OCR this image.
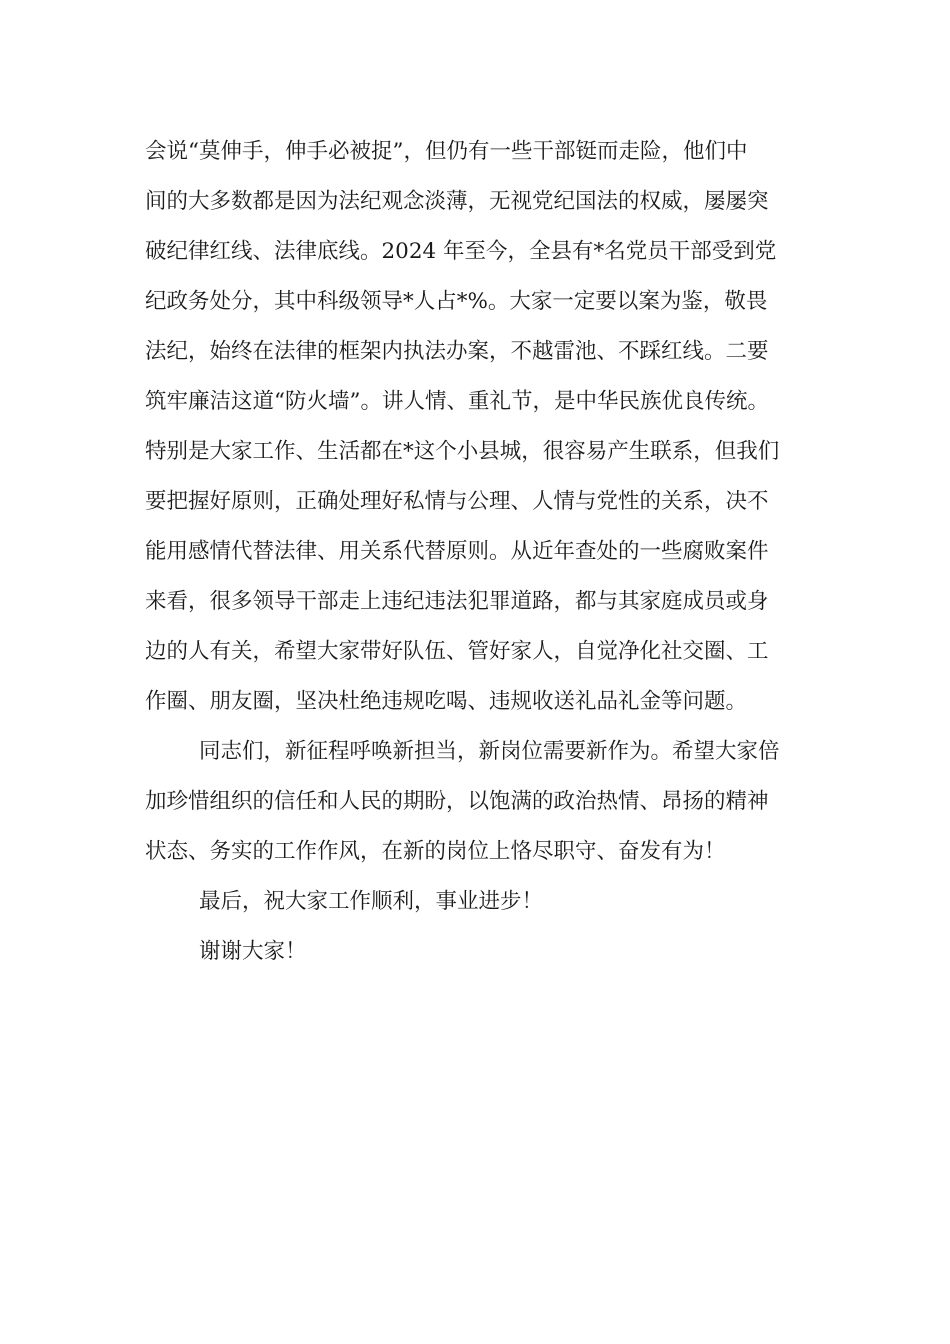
会说“莫伸手，伸手必被捉”，但仍有一些干部铤而走险，他们中
间的大多数都是因为法纪观念淡薄，无视党纪国法的权威，屡屡突
破纪律红线、法律底线。2024 年至今，全县有*名党员干部受到党
纪政务处分，其中科级领导*人占*%。大家一定要以案为鉴，敬畏
法纪，始终在法律的框架内执法办案，不越雷池、不踩红线。二要
筑牢廉洁这道“防火墙”。讲人情、重礼节，是中华民族优良传统。
特别是大家工作、生活都在*这个小县城，很容易产生联系，但我们
要把握好原则，正确处理好私情与公理、人情与党性的关系，决不
能用感情代替法律、用关系代替原则。从近年查处的一些腐败案件
来看，很多领导干部走上违纪违法犯罪道路，都与其家庭成员或身
边的人有关，希望大家带好队伍、管好家人，自觉净化社交圈、工
作圈、朋友圈，坚决杜绝违规吃喝、违规收送礼品礼金等问题。
同志们，新征程呼唤新担当，新岗位需要新作为。希望大家倍
加珍惜组织的信任和人民的期盼，以饱满的政治热情、昂扬的精神
状态、务实的工作作风，在新的岗位上恪尽职守、奋发有为！
最后，祝大家工作顺利，事业进步！
谢谢大家！
